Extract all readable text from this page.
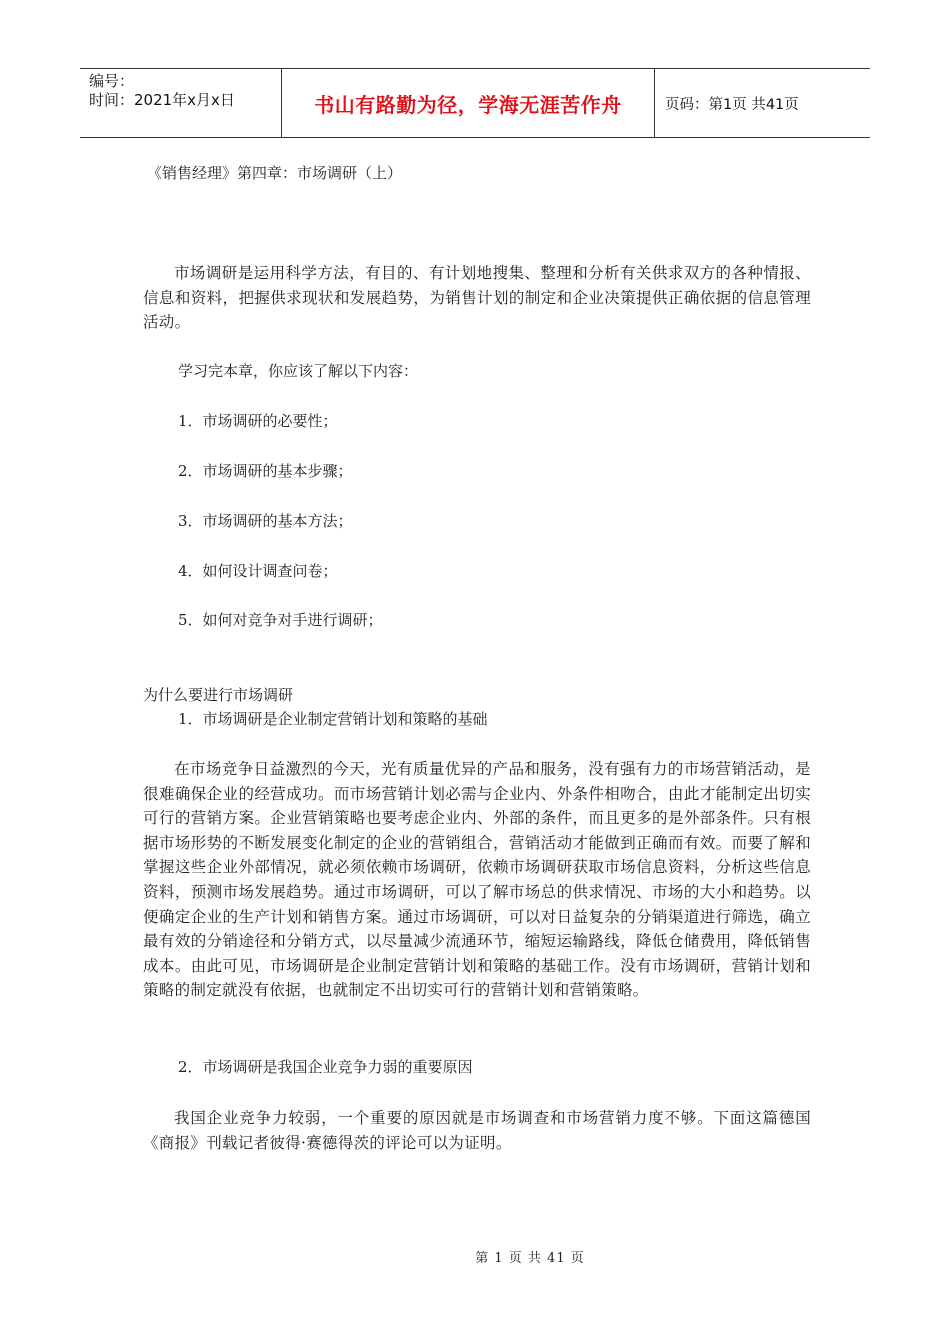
编号：
时间：2021年x月x日	书山有路勤为径，学海无涯苦作舟	页码：第1页 共41页
《销售经理》第四章：市场调研（上）
市场调研是运用科学方法，有目的、有计划地搜集、整理和分析有关供求双方的各种情报、信息和资料，把握供求现状和发展趋势，为销售计划的制定和企业决策提供正确依据的信息管理活动。
学习完本章，你应该了解以下内容：
1．市场调研的必要性；
2．市场调研的基本步骤；
3．市场调研的基本方法；
4．如何设计调查问卷；
5．如何对竞争对手进行调研；
为什么要进行市场调研
1．市场调研是企业制定营销计划和策略的基础
在市场竞争日益激烈的今天，光有质量优异的产品和服务，没有强有力的市场营销活动，是很难确保企业的经营成功。而市场营销计划必需与企业内、外条件相吻合，由此才能制定出切实可行的营销方案。企业营销策略也要考虑企业内、外部的条件，而且更多的是外部条件。只有根据市场形势的不断发展变化制定的企业的营销组合，营销活动才能做到正确而有效。而要了解和掌握这些企业外部情况，就必须依赖市场调研，依赖市场调研获取市场信息资料，分析这些信息资料，预测市场发展趋势。通过市场调研，可以了解市场总的供求情况、市场的大小和趋势。以便确定企业的生产计划和销售方案。通过市场调研，可以对日益复杂的分销渠道进行筛选，确立最有效的分销途径和分销方式，以尽量减少流通环节，缩短运输路线，降低仓储费用，降低销售成本。由此可见，市场调研是企业制定营销计划和策略的基础工作。没有市场调研，营销计划和策略的制定就没有依据，也就制定不出切实可行的营销计划和营销策略。
2．市场调研是我国企业竞争力弱的重要原因
我国企业竞争力较弱，一个重要的原因就是市场调查和市场营销力度不够。下面这篇德国《商报》刊载记者彼得·赛德得茨的评论可以为证明。
第 1 页 共 41 页
